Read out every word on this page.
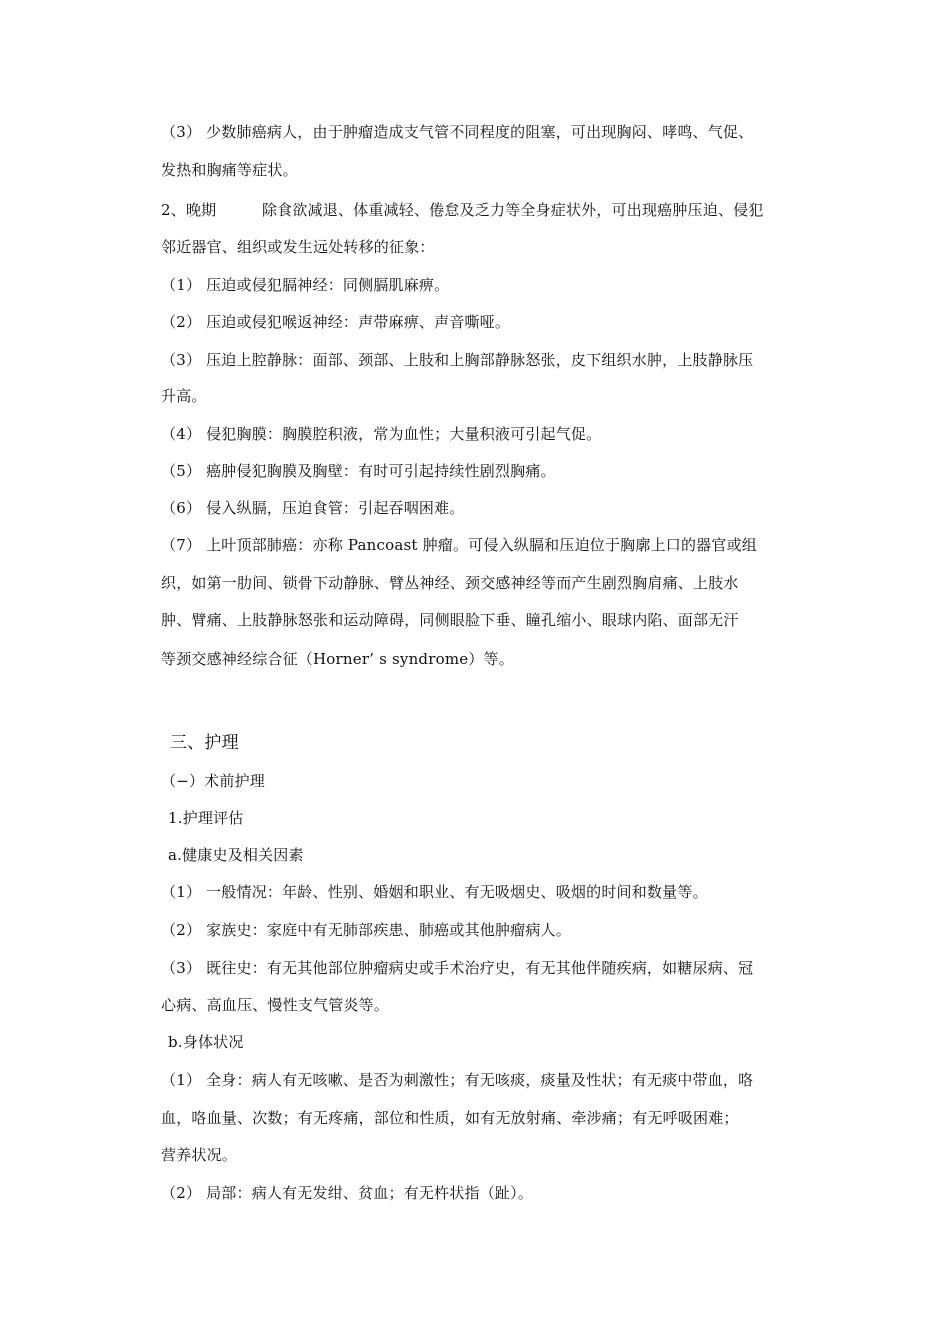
（3） 少数肺癌病人，由于肿瘤造成支气管不同程度的阻塞，可出现胸闷、哮鸣、气促、
发热和胸痛等症状。
2、晚期　　　除食欲减退、体重减轻、倦怠及乏力等全身症状外，可出现癌肿压迫、侵犯
邻近器官、组织或发生远处转移的征象：
（1） 压迫或侵犯膈神经：同侧膈肌麻痹。
（2） 压迫或侵犯喉返神经：声带麻痹、声音嘶哑。
（3） 压迫上腔静脉：面部、颈部、上肢和上胸部静脉怒张，皮下组织水肿，上肢静脉压
升高。
（4） 侵犯胸膜：胸膜腔积液，常为血性；大量积液可引起气促。
（5） 癌肿侵犯胸膜及胸壁：有时可引起持续性剧烈胸痛。
（6） 侵入纵膈，压迫食管：引起吞咽困难。
（7） 上叶顶部肺癌：亦称 Pancoast 肿瘤。可侵入纵膈和压迫位于胸廓上口的器官或组
织，如第一肋间、锁骨下动静脉、臂丛神经、颈交感神经等而产生剧烈胸肩痛、上肢水
肿、臂痛、上肢静脉怒张和运动障碍，同侧眼脸下垂、瞳孔缩小、眼球内陷、面部无汗
等颈交感神经综合征（Horner’ s syndrome）等。
三、护理
（−）术前护理
1.护理评估
a.健康史及相关因素
（1） 一般情况：年龄、性别、婚姻和职业、有无吸烟史、吸烟的时间和数量等。
（2） 家族史：家庭中有无肺部疾患、肺癌或其他肿瘤病人。
（3） 既往史：有无其他部位肿瘤病史或手术治疗史，有无其他伴随疾病，如糖尿病、冠
心病、高血压、慢性支气管炎等。
b.身体状况
（1） 全身：病人有无咳嗽、是否为刺激性；有无咳痰，痰量及性状；有无痰中带血，咯
血，咯血量、次数；有无疼痛，部位和性质，如有无放射痛、牵涉痛；有无呼吸困难；
营养状况。
（2） 局部：病人有无发绀、贫血；有无杵状指（趾）。
